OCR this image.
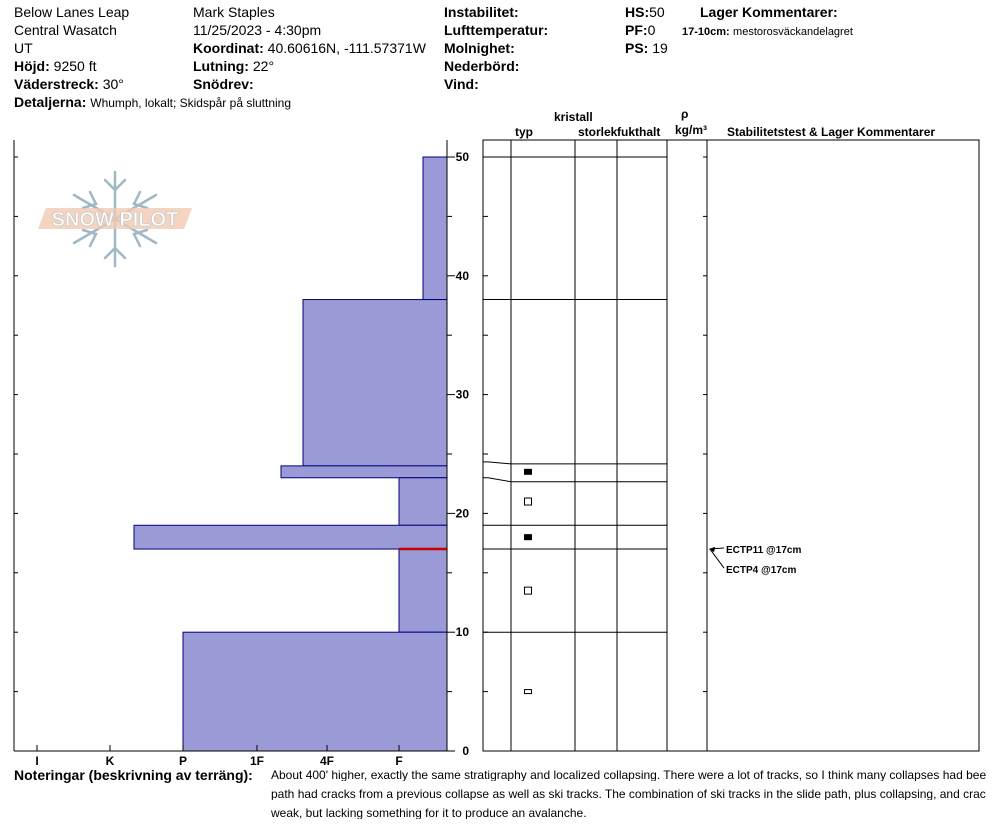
Below Lanes Leap
Central Wasatch
UT
Höjd: 9250 ft
Väderstreck: 30°
Detaljerna: Whumph, lokalt; Skidspår på sluttning
Mark Staples
11/25/2023 - 4:30pm
Koordinat: 40.60616N, -111.57371W
Lutning: 22°
Snödrev:
Instabilitet:
Lufttemperatur:
Molnighet:
Nederbörd:
Vind:
HS:50
PF:0
PS: 19
Lager Kommentarer:
17-10cm: mestorosväckandelagret
kristall
typ	storlek fukthalt
ρ
kg/m³ Stabilitetstest & Lager Kommentarer
0
10
20
30
40
50
I	K	P	1F	4F	F
SNOW PILOT
ECTP11 @17cm
ECTP4 @17cm
Noteringar (beskrivning av terräng): About 400' higher, exactly the same stratigraphy and localized collapsing. There were a lot of tracks, so I think many collapses had bee
path had cracks from a previous collapse as well as ski tracks. The combination of ski tracks in the slide path, plus collapsing, and crac
weak, but lacking something for it to produce an avalanche.
